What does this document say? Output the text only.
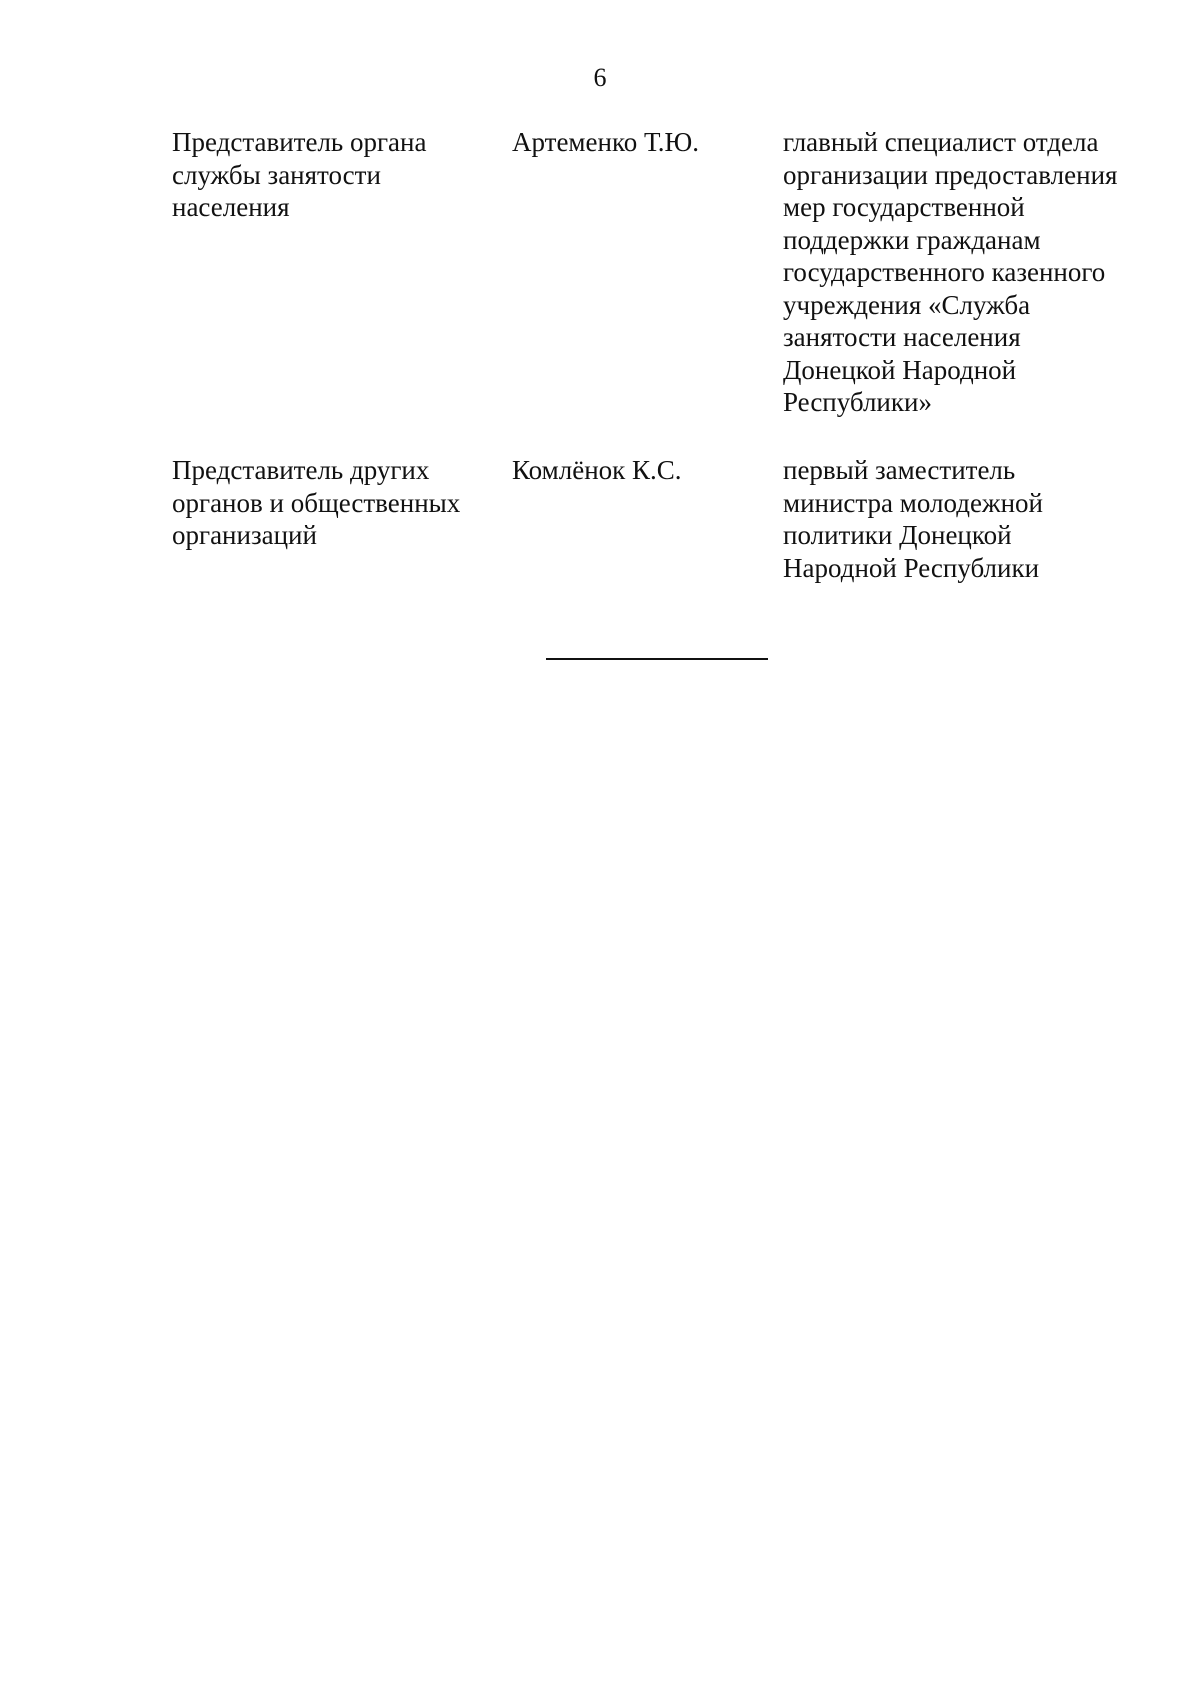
6
Представитель органа
службы занятости
населения
Артеменко Т.Ю.	главный специалист отдела
организации предоставления
мер государственной
поддержки гражданам
государственного казенного
учреждения «Служба
занятости населения
Донецкой Народной
Республики»
Представитель других
органов и общественных
организаций
Комлёнок К.С.	первый заместитель
министра молодежной
политики Донецкой
Народной Республики
